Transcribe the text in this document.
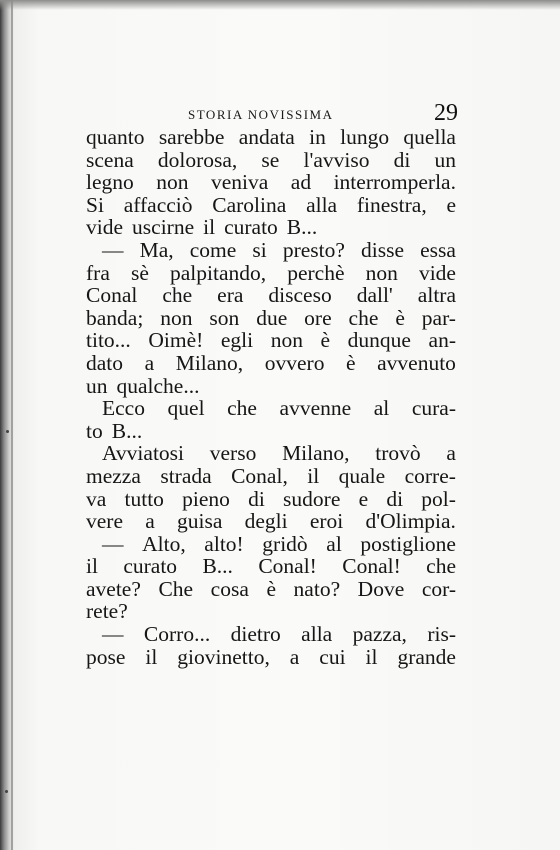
STORIA NOVISSIMA	29
quanto sarebbe andata in lungo quella
scena dolorosa, se l'avviso di un
legno non veniva ad interromperla.
Si affacciò Carolina alla finestra, e
vide uscirne il curato B...
— Ma, come si presto? disse essa
fra sè palpitando, perchè non vide
Conal che era disceso dall' altra
banda; non son due ore che è par-
tito... Oimè! egli non è dunque an-
dato a Milano, ovvero è avvenuto
un qualche...
Ecco quel che avvenne al cura-
to B...
Avviatosi verso Milano, trovò a
mezza strada Conal, il quale corre-
va tutto pieno di sudore e di pol-
vere a guisa degli eroi d'Olimpia.
— Alto, alto! gridò al postiglione
il curato B... Conal! Conal! che
avete? Che cosa è nato? Dove cor-
rete?
— Corro... dietro alla pazza, ris-
pose il giovinetto, a cui il grande
